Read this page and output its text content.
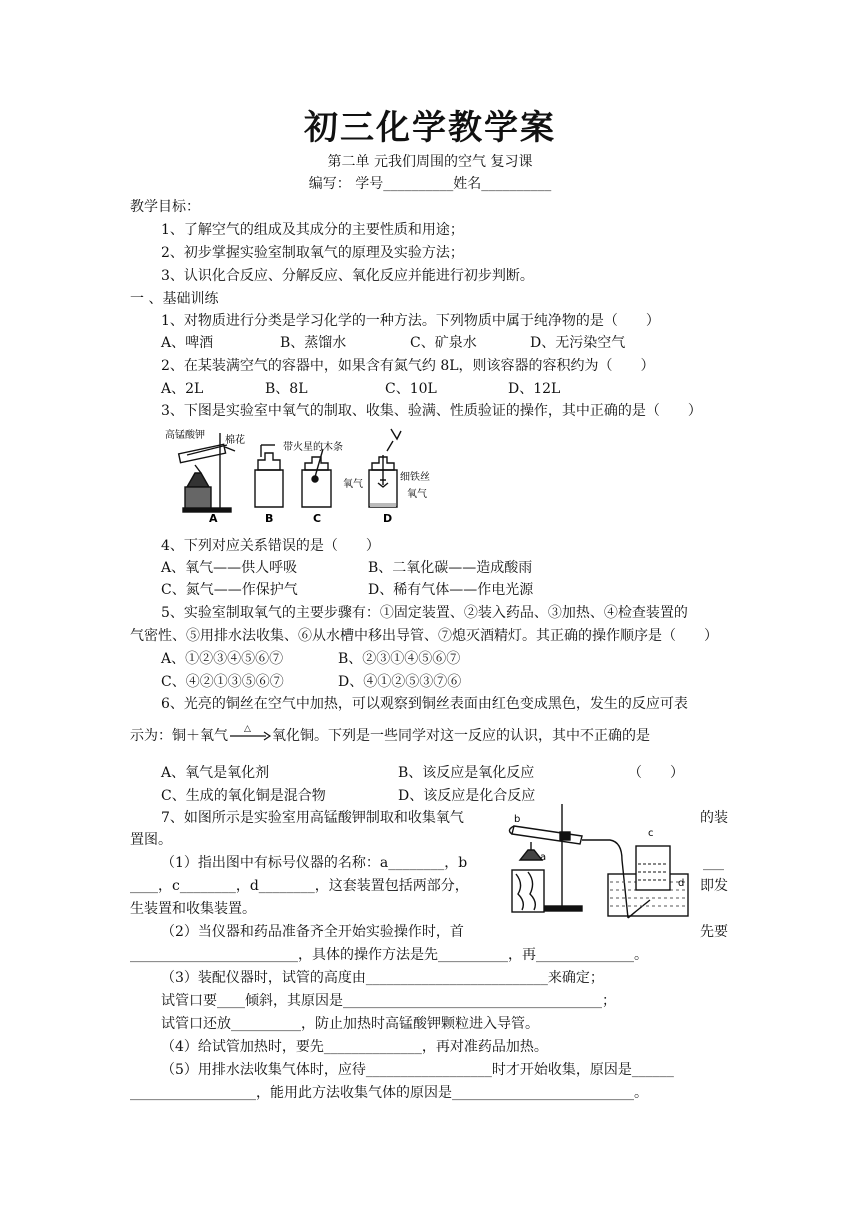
初三化学教学案
第二单 元我们周围的空气 复习课
编写： 学号__________姓名__________
教学目标：
1、了解空气的组成及其成分的主要性质和用途；
2、初步掌握实验室制取氧气的原理及实验方法；
3、认识化合反应、分解反应、氧化反应并能进行初步判断。
一 、基础训练
1、对物质进行分类是学习化学的一种方法。下列物质中属于纯净物的是（　　）
A、啤酒	B、蒸馏水	C、矿泉水	D、无污染空气
2、在某装满空气的容器中，如果含有氮气约 8L，则该容器的容积约为（　　）
A、2L	B、8L	C、10L	D、12L
3、下图是实验室中氧气的制取、收集、验满、性质验证的操作，其中正确的是（　　）
高锰酸钾 棉花
带火星的木条
氧气
细铁丝
氧气
A	B	C	D
4、下列对应关系错误的是（　　）
A、氧气——供人呼吸	B、二氧化碳——造成酸雨
C、氮气——作保护气	D、稀有气体——作电光源
5、实验室制取氧气的主要步骤有：①固定装置、②装入药品、③加热、④检查装置的
气密性、⑤用排水法收集、⑥从水槽中移出导管、⑦熄灭酒精灯。其正确的操作顺序是（　　）
A、①②③④⑤⑥⑦	B、②③①④⑤⑥⑦
C、④②①③⑤⑥⑦	D、④①②⑤③⑦⑥
6、光亮的铜丝在空气中加热，可以观察到铜丝表面由红色变成黑色，发生的反应可表
示为：铜＋氧气 △ 氧化铜。下列是一些同学对这一反应的认识，其中不正确的是
A、氧气是氧化剂	B、该反应是氧化反应	（　　）
C、生成的氧化铜是混合物	D、该反应是化合反应
b
a
c
d
7、如图所示是实验室用高锰酸钾制取和收集氧气	的装
置图。
（1）指出图中有标号仪器的名称：a________，b	___
____，c________，d________，这套装置包括两部分，	即发
生装置和收集装置。
（2）当仪器和药品准备齐全开始实验操作时，首	先要
________________________，具体的操作方法是先__________，再______________。
（3）装配仪器时，试管的高度由__________________________来确定；
试管口要____倾斜，其原因是_____________________________________；
试管口还放__________，防止加热时高锰酸钾颗粒进入导管。
（4）给试管加热时，要先______________，再对准药品加热。
（5）用排水法收集气体时，应待__________________时才开始收集，原因是______
__________________，能用此方法收集气体的原因是__________________________。
